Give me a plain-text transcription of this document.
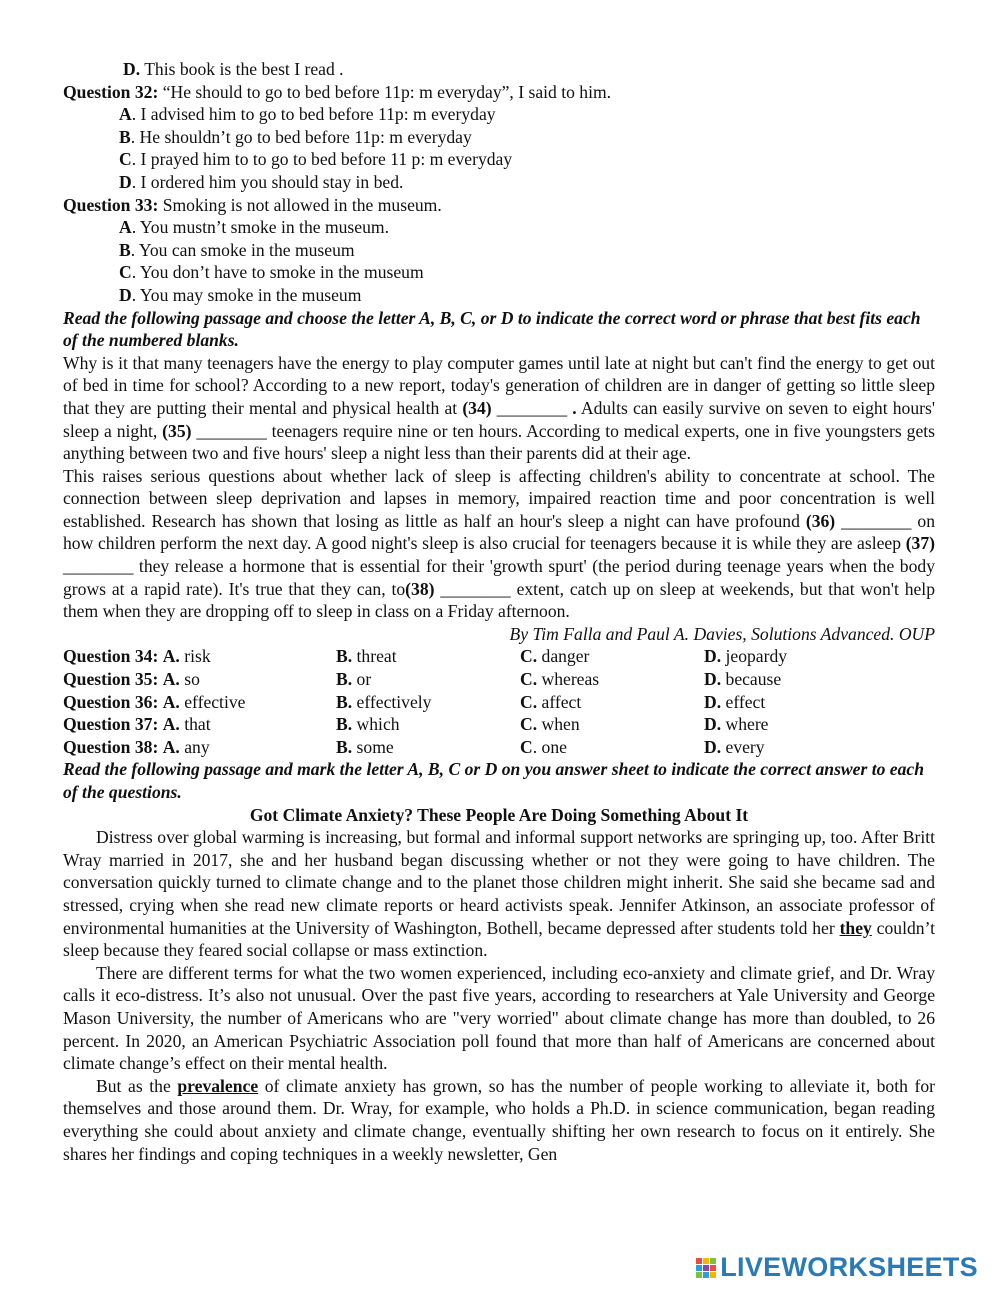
D. This book is the best I read .
Question 32: “He should to go to bed before 11p: m everyday”, I said to him.
A. I advised him to go to bed before 11p: m everyday
B. He shouldn’t go to bed before 11p: m everyday
C. I prayed him to to go to bed before 11 p: m everyday
D. I ordered him you should stay in bed.
Question 33: Smoking is not allowed in the museum.
A. You mustn’t smoke in the museum.
B. You can smoke in the museum
C. You don’t have to smoke in the museum
D. You may smoke in the museum
Read the following passage and choose the letter A, B, C, or D to indicate the correct word or phrase that best fits each of the numbered blanks.

Why is it that many teenagers have the energy to play computer games until late at night but can't find the energy to get out of bed in time for school? According to a new report, today's generation of children are in danger of getting so little sleep that they are putting their mental and physical health at (34) ________ . Adults can easily survive on seven to eight hours' sleep a night, (35) ________ teenagers require nine or ten hours. According to medical experts, one in five youngsters gets anything between two and five hours' sleep a night less than their parents did at their age.

This raises serious questions about whether lack of sleep is affecting children's ability to concentrate at school. The connection between sleep deprivation and lapses in memory, impaired reaction time and poor concentration is well established. Research has shown that losing as little as half an hour's sleep a night can have profound (36) ________ on how children perform the next day. A good night's sleep is also crucial for teenagers because it is while they are asleep (37) ________ they release a hormone that is essential for their 'growth spurt' (the period during teenage years when the body grows at a rapid rate). It's true that they can, to(38) ________ extent, catch up on sleep at weekends, but that won't help them when they are dropping off to sleep in class on a Friday afternoon.

By Tim Falla and Paul A. Davies, Solutions Advanced. OUP
Question 34: A. risk	B. threat	C. danger	D. jeopardy
Question 35: A. so	B. or	C. whereas	D. because
Question 36: A. effective	B. effectively	C. affect	D. effect
Question 37: A. that	B. which	C. when	D. where
Question 38: A. any	B. some	C. one	D. every
Read the following passage and mark the letter A, B, C or D on you answer sheet to indicate the correct answer to each of the questions.
Got Climate Anxiety? These People Are Doing Something About It

Distress over global warming is increasing, but formal and informal support networks are springing up, too. After Britt Wray married in 2017, she and her husband began discussing whether or not they were going to have children. The conversation quickly turned to climate change and to the planet those children might inherit. She said she became sad and stressed, crying when she read new climate reports or heard activists speak. Jennifer Atkinson, an associate professor of environmental humanities at the University of Washington, Bothell, became depressed after students told her they couldn’t sleep because they feared social collapse or mass extinction.

There are different terms for what the two women experienced, including eco-anxiety and climate grief, and Dr. Wray calls it eco-distress. It’s also not unusual. Over the past five years, according to researchers at Yale University and George Mason University, the number of Americans who are "very worried" about climate change has more than doubled, to 26 percent. In 2020, an American Psychiatric Association poll found that more than half of Americans are concerned about climate change’s effect on their mental health.

But as the prevalence of climate anxiety has grown, so has the number of people working to alleviate it, both for themselves and those around them. Dr. Wray, for example, who holds a Ph.D. in science communication, began reading everything she could about anxiety and climate change, eventually shifting her own research to focus on it entirely. She shares her findings and coping techniques in a weekly newsletter, Gen

LIVEWORKSHEETS
